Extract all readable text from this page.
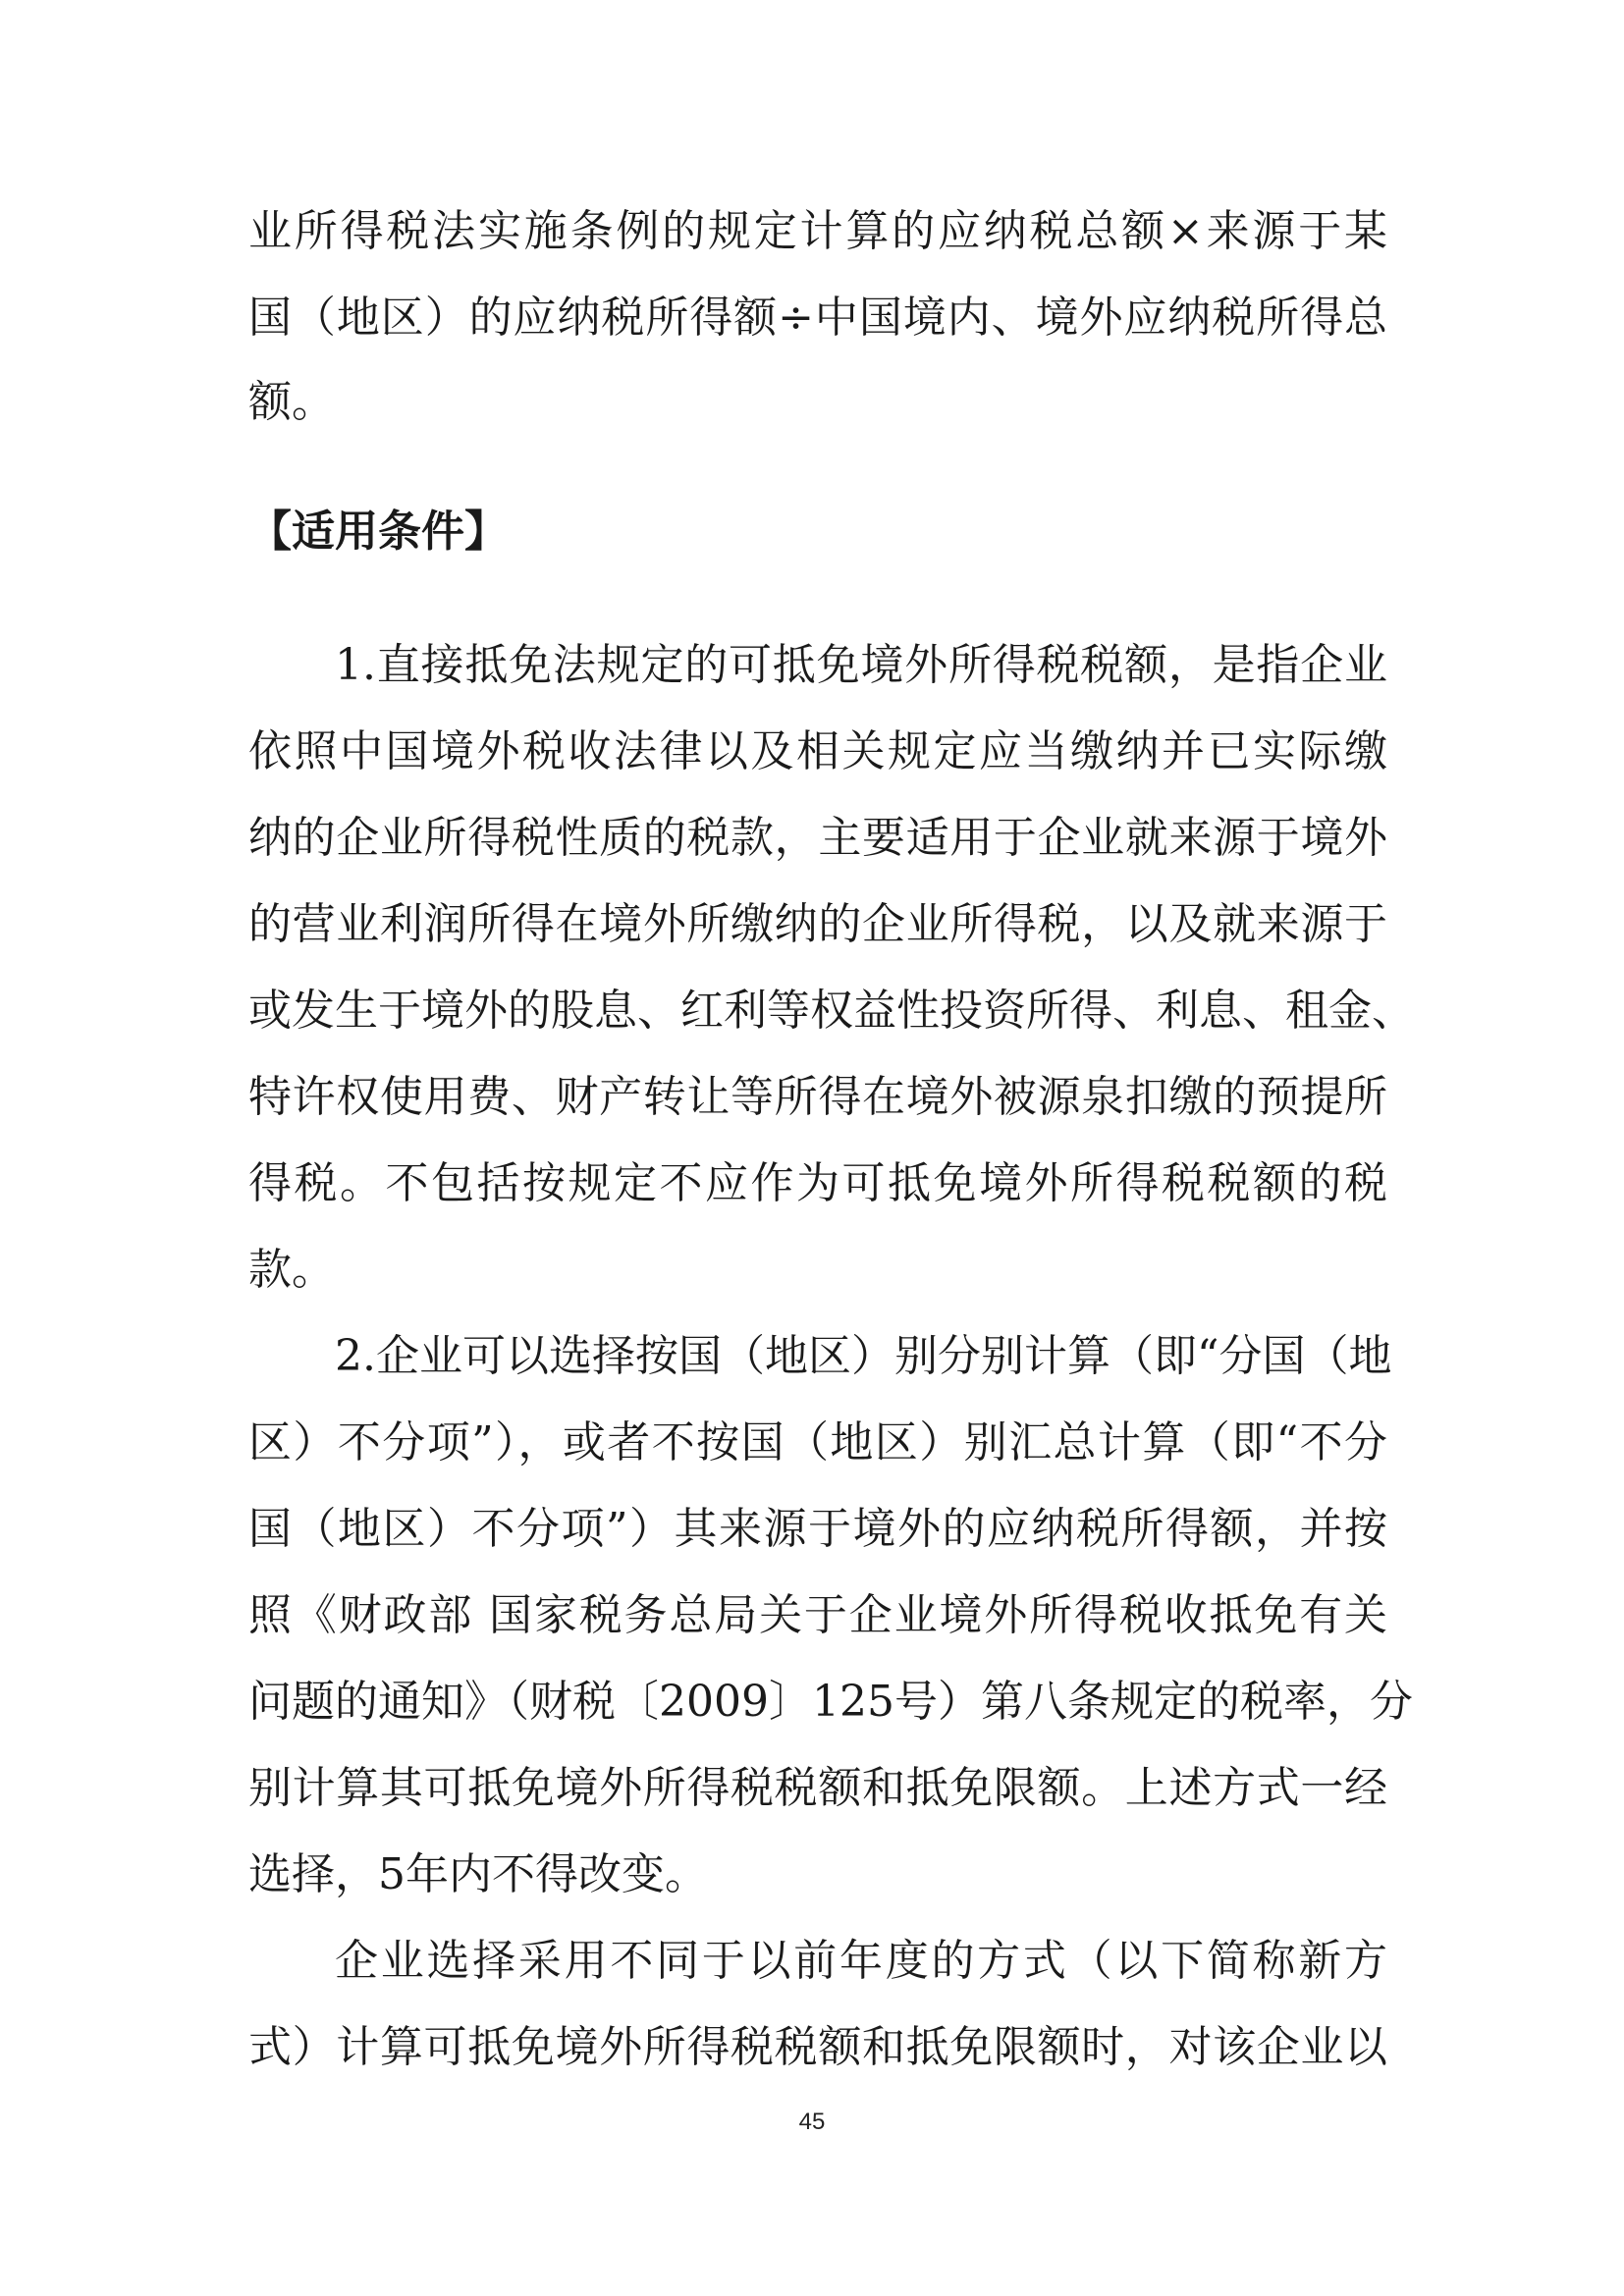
业所得税法实施条例的规定计算的应纳税总额×来源于某
国（地区）的应纳税所得额÷中国境内、境外应纳税所得总
额。
【适用条件】
1.直接抵免法规定的可抵免境外所得税税额，是指企业
依照中国境外税收法律以及相关规定应当缴纳并已实际缴
纳的企业所得税性质的税款，主要适用于企业就来源于境外
的营业利润所得在境外所缴纳的企业所得税，以及就来源于
或发生于境外的股息、红利等权益性投资所得、利息、租金、
特许权使用费、财产转让等所得在境外被源泉扣缴的预提所
得税。不包括按规定不应作为可抵免境外所得税税额的税
款。
2.企业可以选择按国（地区）别分别计算（即“分国（地
区）不分项”），或者不按国（地区）别汇总计算（即“不分
国（地区）不分项”）其来源于境外的应纳税所得额，并按
照《财政部 国家税务总局关于企业境外所得税收抵免有关
问题的通知》（财税〔2009〕125号）第八条规定的税率，分
别计算其可抵免境外所得税税额和抵免限额。上述方式一经
选择，5年内不得改变。
企业选择采用不同于以前年度的方式（以下简称新方
式）计算可抵免境外所得税税额和抵免限额时，对该企业以
45
